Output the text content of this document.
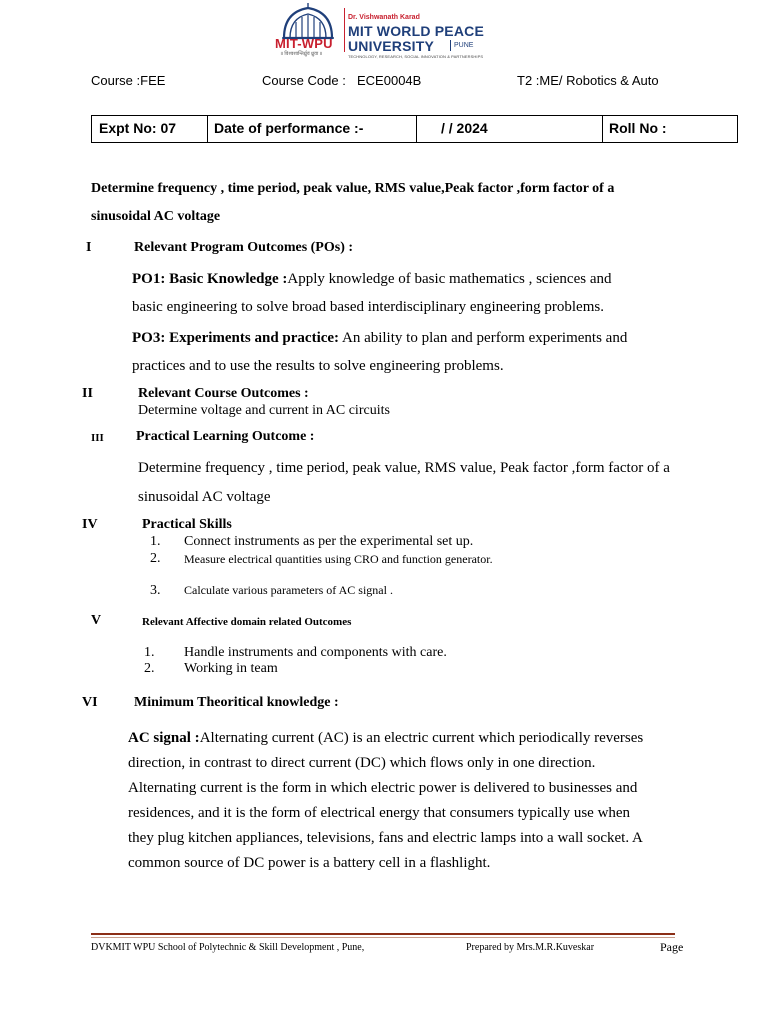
MIT-WPU
॥ विश्वशान्तिर्ध्रुवं ध्रुवा ॥
Dr. Vishwanath Karad
MIT WORLD PEACE
UNIVERSITY	PUNE
TECHNOLOGY, RESEARCH, SOCIAL INNOVATION & PARTNERSHIPS
Course :FEE	Course Code : ECE0004B	T2 :ME/ Robotics & Auto
Expt No: 07	Date of performance :-	/ / 2024	Roll No :
Determine frequency , time period, peak value, RMS value,Peak factor ,form factor of a
sinusoidal AC voltage
I	Relevant Program Outcomes (POs) :
PO1: Basic Knowledge :Apply knowledge of basic mathematics , sciences and
basic engineering to solve broad based interdisciplinary engineering problems.
PO3: Experiments and practice: An ability to plan and perform experiments and
practices and to use the results to solve engineering problems.
II	Relevant Course Outcomes :
Determine voltage and current in AC circuits
III Practical Learning Outcome :
Determine frequency , time period, peak value, RMS value, Peak factor ,form factor of a
sinusoidal AC voltage
IV	Practical Skills
1. Connect instruments as per the experimental set up.
2. Measure electrical quantities using CRO and function generator.
3. Calculate various parameters of AC signal .
V	Relevant Affective domain related Outcomes
1. Handle instruments and components with care.
2. Working in team
VI	Minimum Theoritical knowledge :
AC signal :Alternating current (AC) is an electric current which periodically reverses
direction, in contrast to direct current (DC) which flows only in one direction.
Alternating current is the form in which electric power is delivered to businesses and
residences, and it is the form of electrical energy that consumers typically use when
they plug kitchen appliances, televisions, fans and electric lamps into a wall socket. A
common source of DC power is a battery cell in a flashlight.
DVKMIT WPU School of Polytechnic & Skill Development , Pune,	Prepared by Mrs.M.R.Kuveskar	Page
